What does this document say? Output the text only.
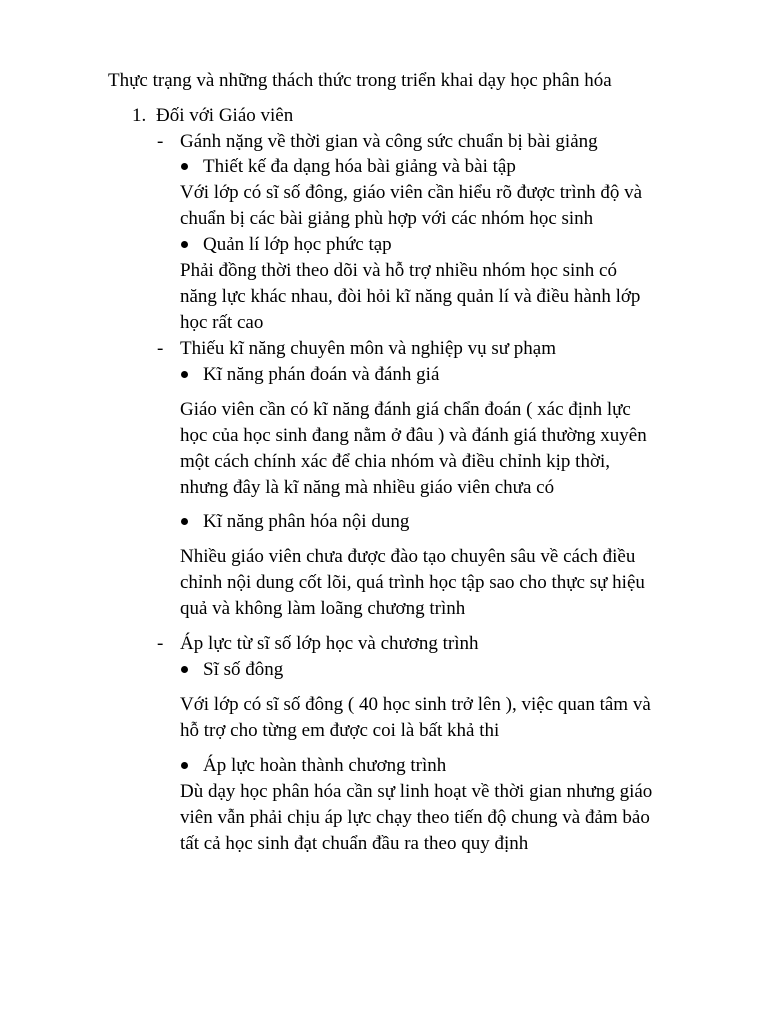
Thực trạng và những thách thức trong triển khai dạy học phân hóa
1. Đối với Giáo viên
- Gánh nặng về thời gian và công sức chuẩn bị bài giảng
Thiết kế đa dạng hóa bài giảng và bài tập
Với lớp có sĩ số đông, giáo viên cần hiểu rõ được trình độ và
chuẩn bị các bài giảng phù hợp với các nhóm học sinh
Quản lí lớp học phức tạp
Phải đồng thời theo dõi và hỗ trợ nhiều nhóm học sinh có
năng lực khác nhau, đòi hỏi kĩ năng quản lí và điều hành lớp
học rất cao
- Thiếu kĩ năng chuyên môn và nghiệp vụ sư phạm
Kĩ năng phán đoán và đánh giá
Giáo viên cần có kĩ năng đánh giá chẩn đoán ( xác định lực
học của học sinh đang nằm ở đâu ) và đánh giá thường xuyên
một cách chính xác để chia nhóm và điều chỉnh kịp thời,
nhưng đây là kĩ năng mà nhiều giáo viên chưa có
Kĩ năng phân hóa nội dung
Nhiều giáo viên chưa được đào tạo chuyên sâu về cách điều
chỉnh nội dung cốt lõi, quá trình học tập sao cho thực sự hiệu
quả và không làm loãng chương trình
- Áp lực từ sĩ số lớp học và chương trình
Sĩ số đông
Với lớp có sĩ số đông ( 40 học sinh trở lên ), việc quan tâm và
hỗ trợ cho từng em được coi là bất khả thi
Áp lực hoàn thành chương trình
Dù dạy học phân hóa cần sự linh hoạt về thời gian nhưng giáo
viên vẫn phải chịu áp lực chạy theo tiến độ chung và đảm bảo
tất cả học sinh đạt chuẩn đầu ra theo quy định
